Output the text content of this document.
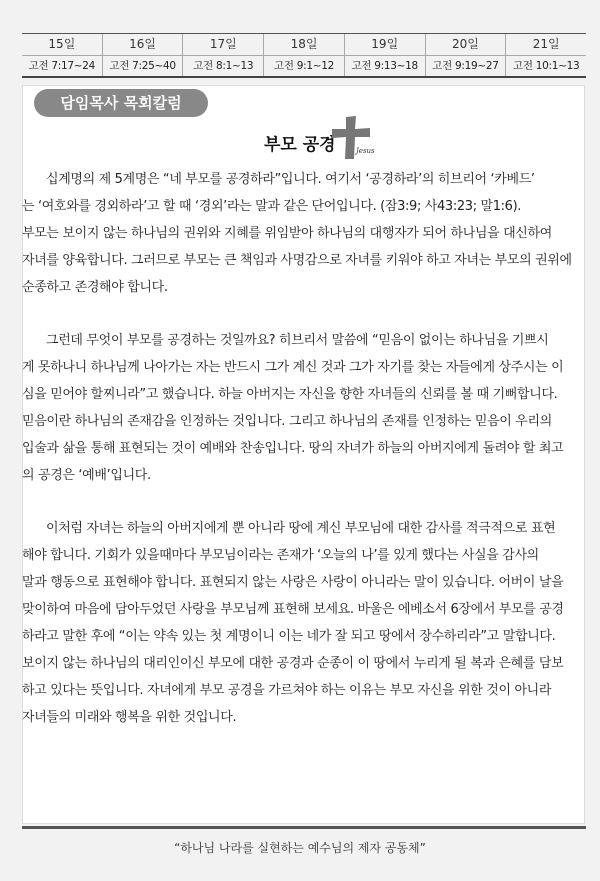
15일
고전 7:17~24
16일
고전 7:25~40
17일
고전 8:1~13
18일
고전 9:1~12
19일
고전 9:13~18
20일
고전 9:19~27
21일
고전 10:1~13
담임목사 목회칼럼
부모 공경	Jesus
십계명의 제 5계명은 “네 부모를 공경하라”입니다. 여기서 ‘공경하라’의 히브리어 ‘카베드’
는 ‘여호와를 경외하라’고 할 때 ‘경외’라는 말과 같은 단어입니다. (잠3:9; 사43:23; 말1:6).
부모는 보이지 않는 하나님의 권위와 지혜를 위임받아 하나님의 대행자가 되어 하나님을 대신하여
자녀를 양육합니다. 그러므로 부모는 큰 책임과 사명감으로 자녀를 키워야 하고 자녀는 부모의 권위에
순종하고 존경해야 합니다.
그런데 무엇이 부모를 공경하는 것일까요? 히브리서 말씀에 “믿음이 없이는 하나님을 기쁘시
게 못하나니 하나님께 나아가는 자는 반드시 그가 계신 것과 그가 자기를 찾는 자들에게 상주시는 이
심을 믿어야 할찌니라”고 했습니다. 하늘 아버지는 자신을 향한 자녀들의 신뢰를 볼 때 기뻐합니다.
믿음이란 하나님의 존재감을 인정하는 것입니다. 그리고 하나님의 존재를 인정하는 믿음이 우리의
입술과 삶을 통해 표현되는 것이 예배와 찬송입니다. 땅의 자녀가 하늘의 아버지에게 돌려야 할 최고
의 공경은 ‘예배’입니다.
이처럼 자녀는 하늘의 아버지에게 뿐 아니라 땅에 계신 부모님에 대한 감사를 적극적으로 표현
해야 합니다. 기회가 있을때마다 부모님이라는 존재가 ‘오늘의 나’를 있게 했다는 사실을 감사의
말과 행동으로 표현해야 합니다. 표현되지 않는 사랑은 사랑이 아니라는 말이 있습니다. 어버이 날을
맞이하여 마음에 담아두었던 사랑을 부모님께 표현해 보세요. 바울은 에베소서 6장에서 부모를 공경
하라고 말한 후에 “이는 약속 있는 첫 계명이니 이는 네가 잘 되고 땅에서 장수하리라”고 말합니다.
보이지 않는 하나님의 대리인이신 부모에 대한 공경과 순종이 이 땅에서 누리게 될 복과 은혜를 담보
하고 있다는 뜻입니다. 자녀에게 부모 공경을 가르쳐야 하는 이유는 부모 자신을 위한 것이 아니라
자녀들의 미래와 행복을 위한 것입니다.
“하나님 나라를 실현하는 예수님의 제자 공동체”
